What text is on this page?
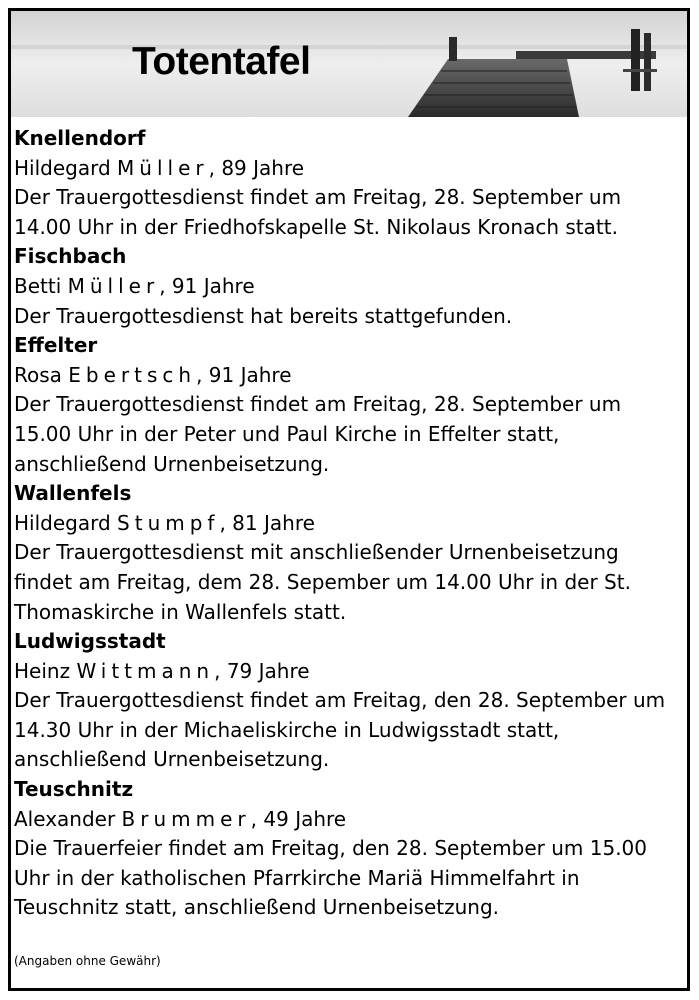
Totentafel
Knellendorf
Hildegard Müller, 89 Jahre
Der Trauergottesdienst findet am Freitag, 28. September um
14.00 Uhr in der Friedhofskapelle St. Nikolaus Kronach statt.
Fischbach
Betti Müller, 91 Jahre
Der Trauergottesdienst hat bereits stattgefunden.
Effelter
Rosa Ebertsch, 91 Jahre
Der Trauergottesdienst findet am Freitag, 28. September um
15.00 Uhr in der Peter und Paul Kirche in Effelter statt,
anschließend Urnenbeisetzung.
Wallenfels
Hildegard Stumpf, 81 Jahre
Der Trauergottesdienst mit anschließender Urnenbeisetzung
findet am Freitag, dem 28. Sepember um 14.00 Uhr in der St.
Thomaskirche in Wallenfels statt.
Ludwigsstadt
Heinz Wittmann, 79 Jahre
Der Trauergottesdienst findet am Freitag, den 28. September um
14.30 Uhr in der Michaeliskirche in Ludwigsstadt statt,
anschließend Urnenbeisetzung.
Teuschnitz
Alexander Brummer, 49 Jahre
Die Trauerfeier findet am Freitag, den 28. September um 15.00
Uhr in der katholischen Pfarrkirche Mariä Himmelfahrt in
Teuschnitz statt, anschließend Urnenbeisetzung.
(Angaben ohne Gewähr)
